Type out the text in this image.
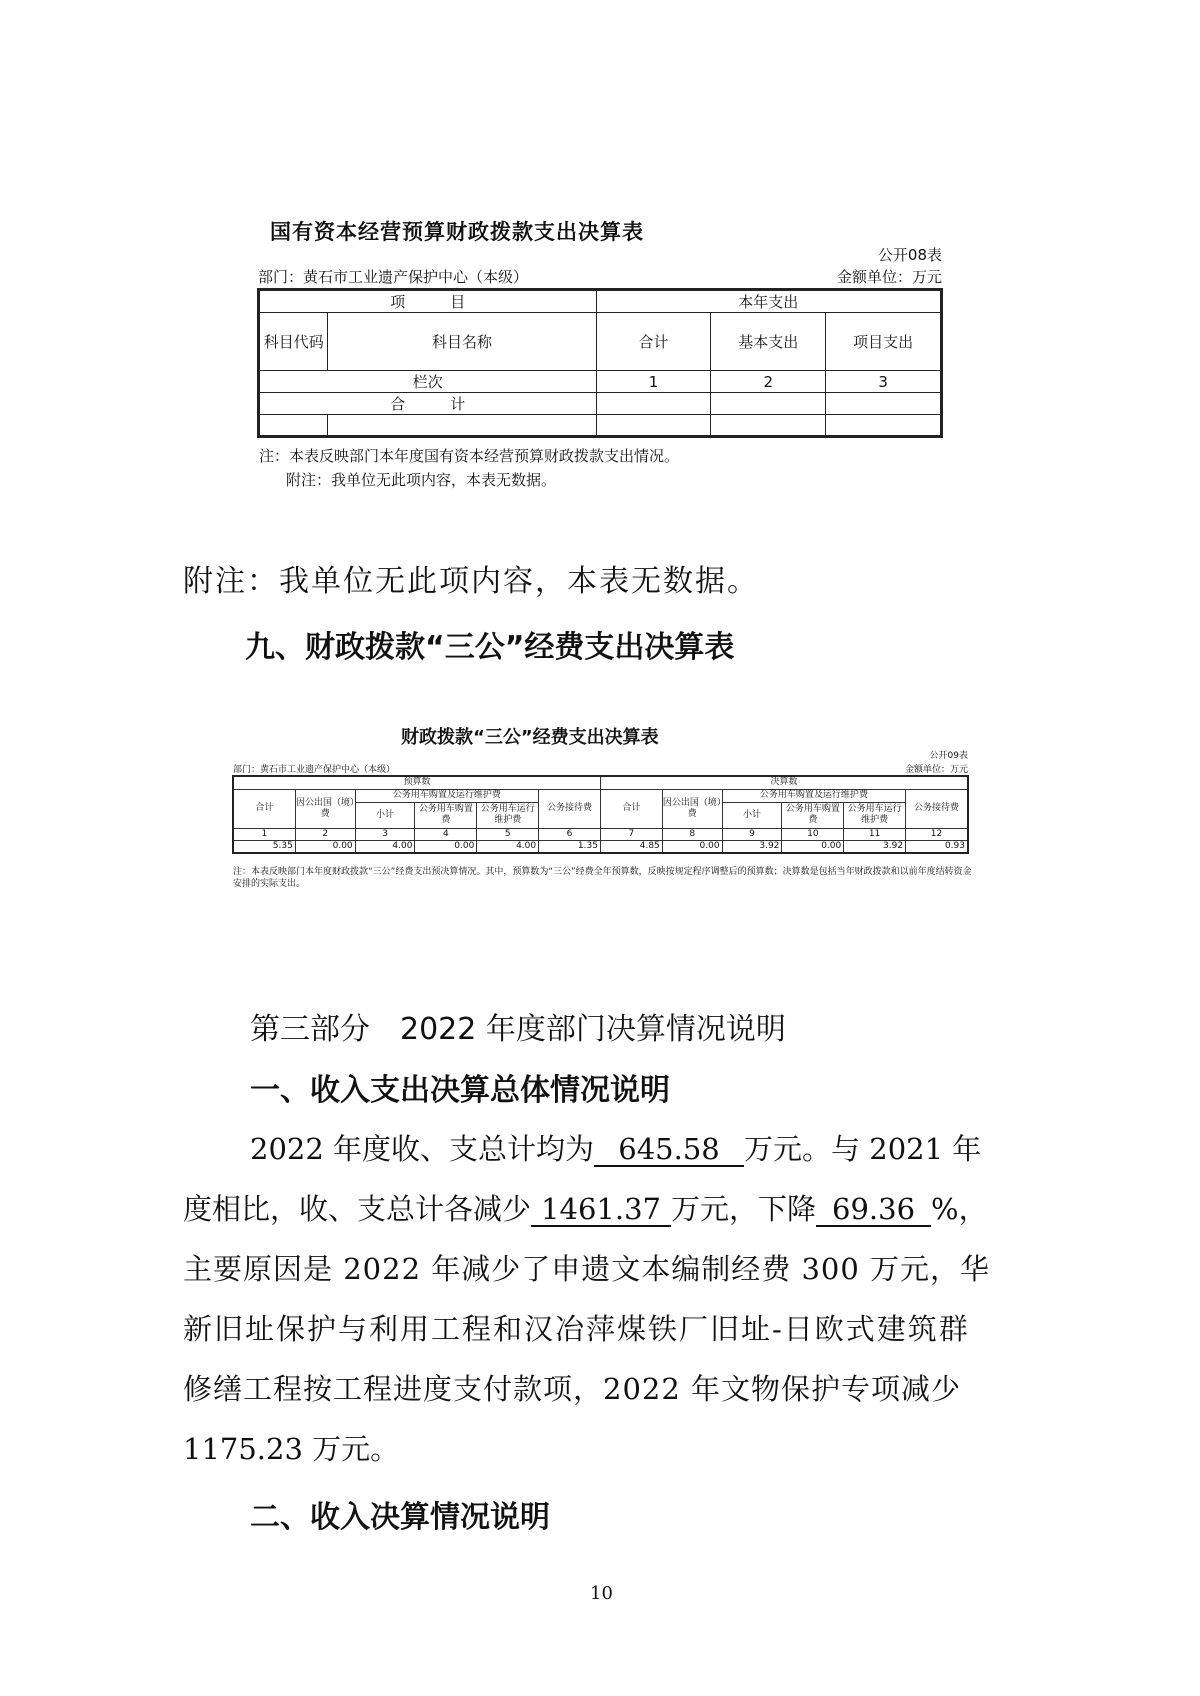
国有资本经营预算财政拨款支出决算表
公开08表
部门：黄石市工业遗产保护中心（本级）	金额单位：万元
项　　　目		本年支出		
科目代码	科目名称	合计	基本支出	项目支出
栏次		1	2	3
合　　　计				

注：本表反映部门本年度国有资本经营预算财政拨款支出情况。
附注：我单位无此项内容，本表无数据。
附注：我单位无此项内容，本表无数据。
九、财政拨款“三公”经费支出决算表
财政拨款“三公”经费支出决算表
公开09表
部门：黄石市工业遗产保护中心（本级）	金额单位：万元
预算数						决算数					
合计	因公出国（境）费	公务用车购置及运行维护费			公务接待费	合计	因公出国（境）费	公务用车购置及运行维护费			公务接待费
		小计	公务用车购置费	公务用车运行维护费				小计	公务用车购置费	公务用车运行维护费	
1	2	3	4	5	6	7	8	9	10	11	12
5.35	0.00	4.00	0.00	4.00	1.35	4.85	0.00	3.92	0.00	3.92	0.93
注：本表反映部门本年度财政拨款“三公”经费支出预决算情况。其中，预算数为“三公”经费全年预算数，反映按规定程序调整后的预算数；决算数是包括当年财政拨款和以前年度结转资金安排的实际支出。
第三部分　2022 年度部门决算情况说明
一、收入支出决算总体情况说明
2022 年度收、支总计均为 645.58 万元。与 2021 年
度相比，收、支总计各减少 1461.37 万元，下降 69.36 %，
主要原因是 2022 年减少了申遗文本编制经费 300 万元，华
新旧址保护与利用工程和汉冶萍煤铁厂旧址-日欧式建筑群
修缮工程按工程进度支付款项，2022 年文物保护专项减少
1175.23 万元。
二、收入决算情况说明
10
